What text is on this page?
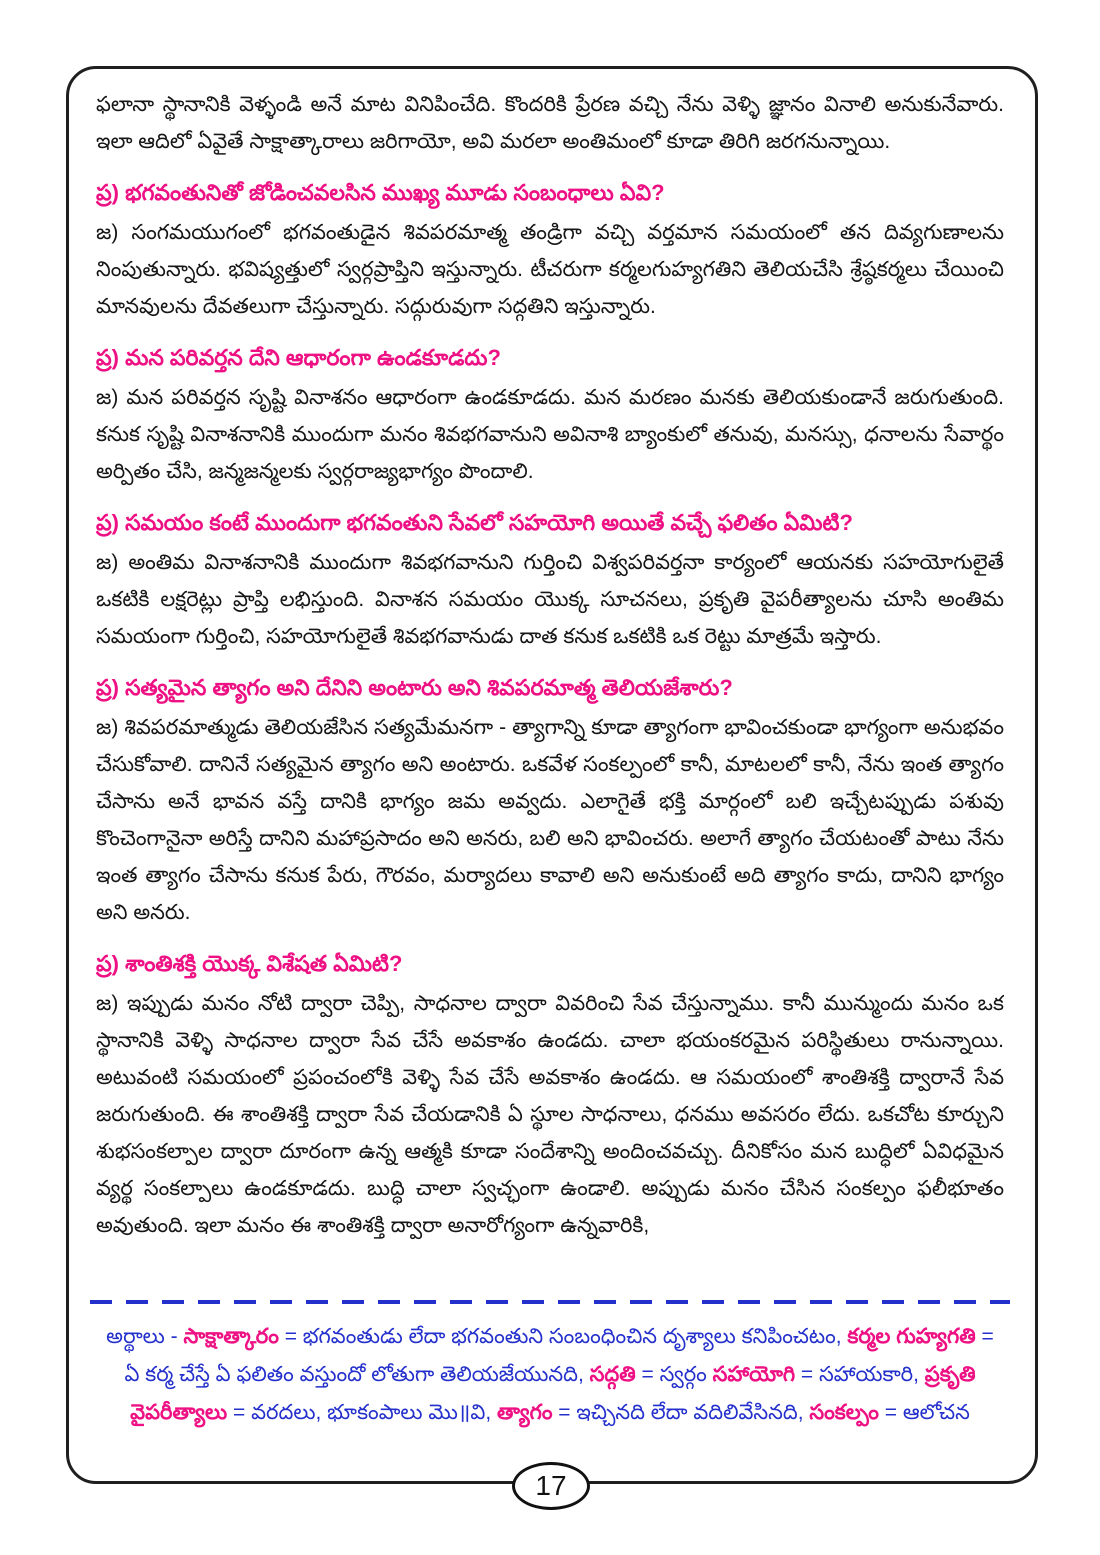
ఫలానా స్థానానికి వెళ్ళండి అనే మాట వినిపించేది. కొందరికి ప్రేరణ వచ్చి నేను వెళ్ళి జ్ఞానం వినాలి అనుకునేవారు. ఇలా ఆదిలో ఏవైతే సాక్షాత్కారాలు జరిగాయో, అవి మరలా అంతిమంలో కూడా తిరిగి జరగనున్నాయి.

ప్ర) భగవంతునితో జోడించవలసిన ముఖ్య మూడు సంబంధాలు ఏవి?

జ) సంగమయుగంలో భగవంతుడైన శివపరమాత్మ తండ్రిగా వచ్చి వర్తమాన సమయంలో తన దివ్యగుణాలను నింపుతున్నారు. భవిష్యత్తులో స్వర్గప్రాప్తిని ఇస్తున్నారు. టీచరుగా కర్మలగుహ్యగతిని తెలియచేసి శ్రేష్ఠకర్మలు చేయించి మానవులను దేవతలుగా చేస్తున్నారు. సద్గురువుగా సద్గతిని ఇస్తున్నారు.

ప్ర) మన పరివర్తన దేని ఆధారంగా ఉండకూడదు?

జ) మన పరివర్తన సృష్టి వినాశనం ఆధారంగా ఉండకూడదు. మన మరణం మనకు తెలియకుండానే జరుగుతుంది. కనుక సృష్టి వినాశనానికి ముందుగా మనం శివభగవానుని అవినాశి బ్యాంకులో తనువు, మనస్సు, ధనాలను సేవార్థం అర్పితం చేసి, జన్మజన్మలకు స్వర్గరాజ్యభాగ్యం పొందాలి.

ప్ర) సమయం కంటే ముందుగా భగవంతుని సేవలో సహయోగి అయితే వచ్చే ఫలితం ఏమిటి?

జ) అంతిమ వినాశనానికి ముందుగా శివభగవానుని గుర్తించి విశ్వపరివర్తనా కార్యంలో ఆయనకు సహయోగులైతే ఒకటికి లక్షరెట్లు ప్రాప్తి లభిస్తుంది. వినాశన సమయం యొక్క సూచనలు, ప్రకృతి వైపరీత్యాలను చూసి అంతిమ సమయంగా గుర్తించి, సహయోగులైతే శివభగవానుడు దాత కనుక ఒకటికి ఒక రెట్టు మాత్రమే ఇస్తారు.

ప్ర) సత్యమైన త్యాగం అని దేనిని అంటారు అని శివపరమాత్మ తెలియజేశారు?

జ) శివపరమాత్ముడు తెలియజేసిన సత్యమేమనగా - త్యాగాన్ని కూడా త్యాగంగా భావించకుండా భాగ్యంగా అనుభవం చేసుకోవాలి. దానినే సత్యమైన త్యాగం అని అంటారు. ఒకవేళ సంకల్పంలో కానీ, మాటలలో కానీ, నేను ఇంత త్యాగం చేసాను అనే భావన వస్తే దానికి భాగ్యం జమ అవ్వదు. ఎలాగైతే భక్తి మార్గంలో బలి ఇచ్చేటప్పుడు పశువు కొంచెంగానైనా అరిస్తే దానిని మహాప్రసాదం అని అనరు, బలి అని భావించరు. అలాగే త్యాగం చేయటంతో పాటు నేను ఇంత త్యాగం చేసాను కనుక పేరు, గౌరవం, మర్యాదలు కావాలి అని అనుకుంటే అది త్యాగం కాదు, దానిని భాగ్యం అని అనరు.

ప్ర) శాంతిశక్తి యొక్క విశేషత ఏమిటి?

జ) ఇప్పుడు మనం నోటి ద్వారా చెప్పి, సాధనాల ద్వారా వివరించి సేవ చేస్తున్నాము. కానీ మున్ముందు మనం ఒక స్థానానికి వెళ్ళి సాధనాల ద్వారా సేవ చేసే అవకాశం ఉండదు. చాలా భయంకరమైన పరిస్థితులు రానున్నాయి. అటువంటి సమయంలో ప్రపంచంలోకి వెళ్ళి సేవ చేసే అవకాశం ఉండదు. ఆ సమయంలో శాంతిశక్తి ద్వారానే సేవ జరుగుతుంది. ఈ శాంతిశక్తి ద్వారా సేవ చేయడానికి ఏ స్థూల సాధనాలు, ధనము అవసరం లేదు. ఒకచోట కూర్చుని శుభసంకల్పాల ద్వారా దూరంగా ఉన్న ఆత్మకి కూడా సందేశాన్ని అందించవచ్చు. దీనికోసం మన బుద్ధిలో ఏవిధమైన వ్యర్థ సంకల్పాలు ఉండకూడదు. బుద్ధి చాలా స్వచ్ఛంగా ఉండాలి. అప్పుడు మనం చేసిన సంకల్పం ఫలీభూతం అవుతుంది. ఇలా మనం ఈ శాంతిశక్తి ద్వారా అనారోగ్యంగా ఉన్నవారికి,

అర్థాలు - సాక్షాత్కారం = భగవంతుడు లేదా భగవంతుని సంబంధించిన దృశ్యాలు కనిపించటం, కర్మల గుహ్యగతి = ఏ కర్మ చేస్తే ఏ ఫలితం వస్తుందో లోతుగా తెలియజేయునది, సద్గతి = స్వర్గం సహాయోగి = సహాయకారి, ప్రకృతి వైపరీత్యాలు = వరదలు, భూకంపాలు మొ॥వి, త్యాగం = ఇచ్చినది లేదా వదిలివేసినది, సంకల్పం = ఆలోచన

17
